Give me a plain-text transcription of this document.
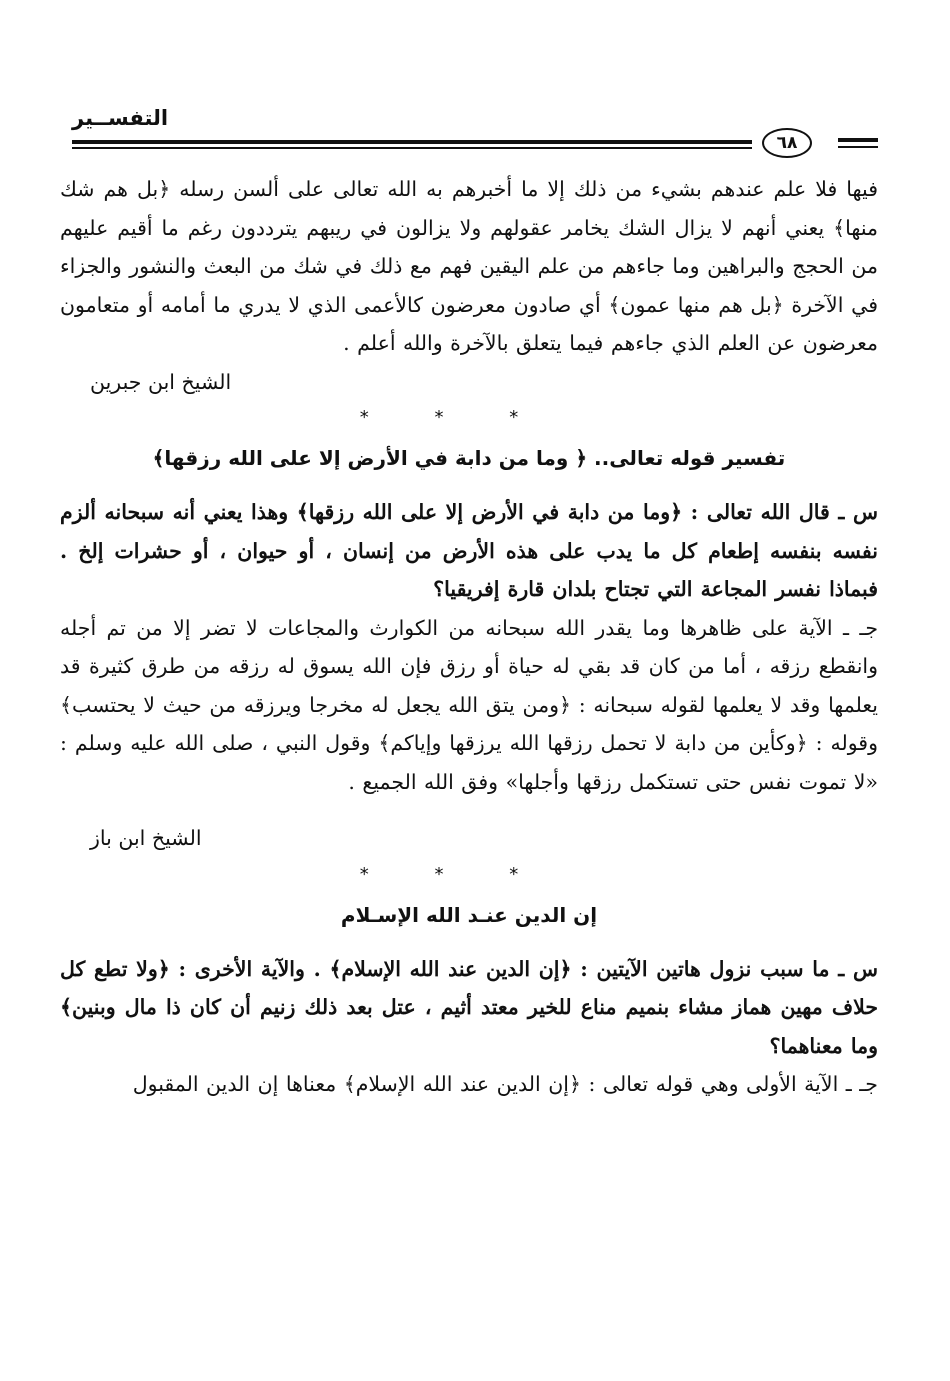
التفســير
٦٨

فيها فلا علم عندهم بشيء من ذلك إلا ما أخبرهم به الله تعالى على ألسن رسله ﴿بل هم شك منها﴾ يعني أنهم لا يزال الشك يخامر عقولهم ولا يزالون في ريبهم يترددون رغم ما أقيم عليهم من الحجج والبراهين وما جاءهم من علم اليقين فهم مع ذلك في شك من البعث والنشور والجزاء في الآخرة ﴿بل هم منها عمون﴾ أي صادون معرضون كالأعمى الذي لا يدري ما أمامه أو متعامون معرضون عن العلم الذي جاءهم فيما يتعلق بالآخرة والله أعلم .

الشيخ ابن جبرين

* * *

تفسير قوله تعالى.. ﴿ وما من دابة في الأرض إلا على الله رزقها﴾

س ـ قال الله تعالى : ﴿وما من دابة في الأرض إلا على الله رزقها﴾ وهذا يعني أنه سبحانه ألزم نفسه بنفسه إطعام كل ما يدب على هذه الأرض من إنسان ، أو حيوان ، أو حشرات إلخ . فبماذا نفسر المجاعة التي تجتاح بلدان قارة إفريقيا؟

جـ ـ الآية على ظاهرها وما يقدر الله سبحانه من الكوارث والمجاعات لا تضر إلا من تم أجله وانقطع رزقه ، أما من كان قد بقي له حياة أو رزق فإن الله يسوق له رزقه من طرق كثيرة قد يعلمها وقد لا يعلمها لقوله سبحانه : ﴿ومن يتق الله يجعل له مخرجا ويرزقه من حيث لا يحتسب﴾ وقوله : ﴿وكأين من دابة لا تحمل رزقها الله يرزقها وإياكم﴾ وقول النبي ، صلى الله عليه وسلم : «لا تموت نفس حتى تستكمل رزقها وأجلها» وفق الله الجميع .

الشيخ ابن باز

* * *

إن الدين عنـد الله الإسـلام

س ـ ما سبب نزول هاتين الآيتين : ﴿إن الدين عند الله الإسلام﴾ . والآية الأخرى : ﴿ولا تطع كل حلاف مهين هماز مشاء بنميم مناع للخير معتد أثيم ، عتل بعد ذلك زنيم أن كان ذا مال وبنين﴾ وما معناهما؟

جـ ـ الآية الأولى وهي قوله تعالى : ﴿إن الدين عند الله الإسلام﴾ معناها إن الدين المقبول
